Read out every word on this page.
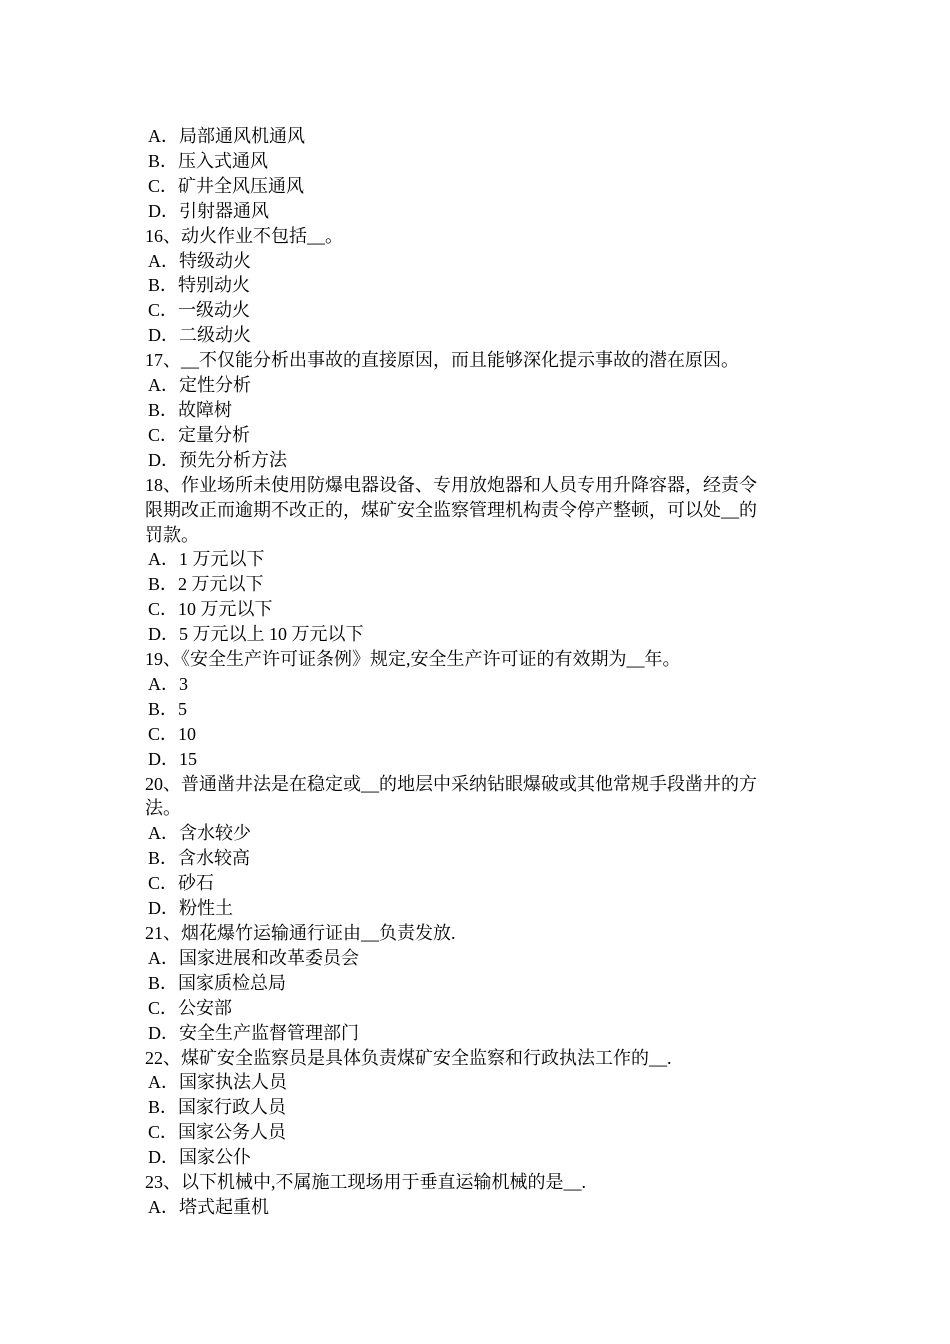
A．局部通风机通风
B．压入式通风
C．矿井全风压通风
D．引射器通风
16、动火作业不包括__。
A．特级动火
B．特别动火
C．一级动火
D．二级动火
17、__不仅能分析出事故的直接原因，而且能够深化提示事故的潜在原因。
A．定性分析
B．故障树
C．定量分析
D．预先分析方法
18、作业场所未使用防爆电器设备、专用放炮器和人员专用升降容器，经责令
限期改正而逾期不改正的，煤矿安全监察管理机构责令停产整顿，可以处__的
罚款。
A．1 万元以下
B．2 万元以下
C．10 万元以下
D．5 万元以上 10 万元以下
19、《安全生产许可证条例》规定,安全生产许可证的有效期为__年。
A．3
B．5
C．10
D．15
20、普通凿井法是在稳定或__的地层中采纳钻眼爆破或其他常规手段凿井的方
法。
A．含水较少
B．含水较高
C．砂石
D．粉性土
21、烟花爆竹运输通行证由__负责发放.
A．国家进展和改革委员会
B．国家质检总局
C．公安部
D．安全生产监督管理部门
22、煤矿安全监察员是具体负责煤矿安全监察和行政执法工作的__.
A．国家执法人员
B．国家行政人员
C．国家公务人员
D．国家公仆
23、以下机械中,不属施工现场用于垂直运输机械的是__.
A．塔式起重机
